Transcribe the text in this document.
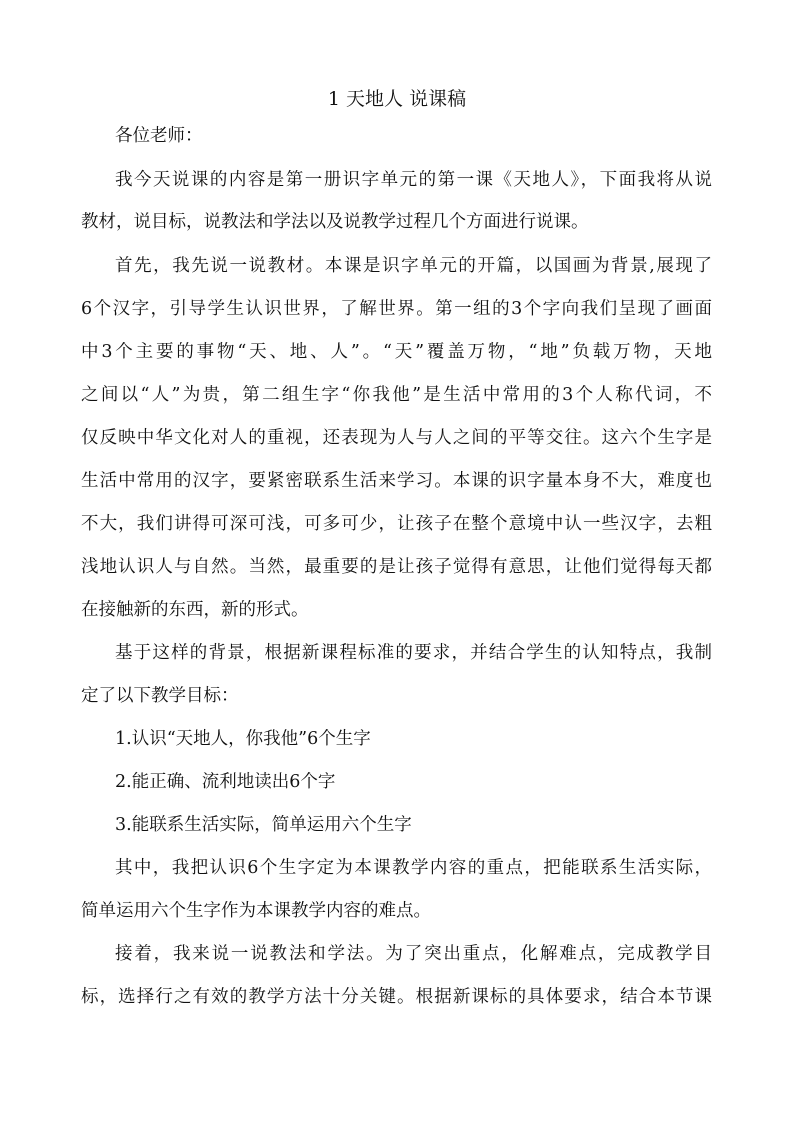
1 天地人 说课稿

各位老师：

我今天说课的内容是第一册识字单元的第一课《天地人》，下面我将从说

教材，说目标，说教法和学法以及说教学过程几个方面进行说课。

首先，我先说一说教材。本课是识字单元的开篇，以国画为背景,展现了

6个汉字，引导学生认识世界，了解世界。第一组的3个字向我们呈现了画面

中3个主要的事物“天、地、人”。“天”覆盖万物，“地”负载万物，天地

之间以“人”为贵，第二组生字“你我他”是生活中常用的3个人称代词，不

仅反映中华文化对人的重视，还表现为人与人之间的平等交往。这六个生字是

生活中常用的汉字，要紧密联系生活来学习。本课的识字量本身不大，难度也

不大，我们讲得可深可浅，可多可少，让孩子在整个意境中认一些汉字，去粗

浅地认识人与自然。当然，最重要的是让孩子觉得有意思，让他们觉得每天都

在接触新的东西，新的形式。

基于这样的背景，根据新课程标准的要求，并结合学生的认知特点，我制

定了以下教学目标：

1.认识“天地人，你我他”6个生字

2.能正确、流利地读出6个字

3.能联系生活实际，简单运用六个生字

其中，我把认识6个生字定为本课教学内容的重点，把能联系生活实际，

简单运用六个生字作为本课教学内容的难点。

接着，我来说一说教法和学法。为了突出重点，化解难点，完成教学目

标，选择行之有效的教学方法十分关键。根据新课标的具体要求，结合本节课
